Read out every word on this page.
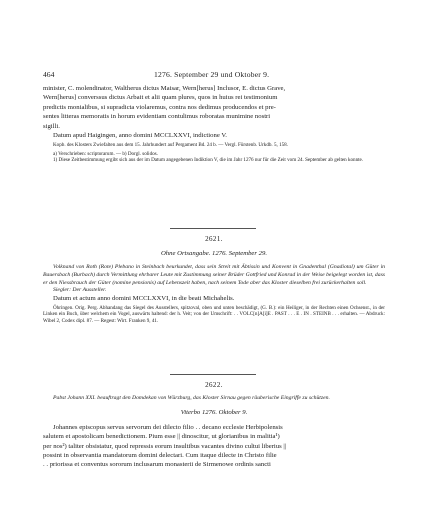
464	1276. September 29 und Oktober 9.

minister, C. molendinator, Waltherus dictus Maisar, Wern[herus] Inclusor, E. dictus Grave,

Wern[herus] converssus dictus Arbait et alii quam plures, quos in huius rei testimonium

predictis monialibus, si supradicta violaremus, contra nos dedimus producendos et pre-

sentes litteras memoratis in horum evidentiam contulimus roboratas munimine nostri

sigilli.

Datum apud Haigingen, anno domini MCCLXXVI, indictione V.

Kopb. des Klosters Zwiefalten aus dem 15. Jahrhundert auf Pergament Bd. 24 b. — Vergl. Fürstenb. Urkdb. 5, 158.

a) Verschrieben: scriptorarum. — b) Dorgl. solidos.

1) Diese Zeitbestimmung ergibt sich aus der im Datum angegebenen Indiktion V, die im Jahr 1276 nur für die Zeit vom 24. September ab gelten konnte.

2621.

Ohne Ortsangabe. 1276. September 29.

Volknand von Roth (Rote) Plebano in Steinbach beurkundet, dass sein Streit mit Äbtissin und Konvent in Gnadenthal (Gnadiotal) um Güter in Bauersbach (Burbach) durch Vermittlung ehrbarer Leute mit Zustimmung seiner Brüder Gottfried und Konrad in der Weise beigelegt worden ist, dass er den Niessbrauch der Güter (nomine pensionis) auf Lebenszeit haben, nach seinem Tode aber das Kloster dieselben frei zurückerhalten soll.

Siegler: Der Aussteller.

Datum et actum anno domini MCCLXXVI, in die beati Michahelis.

Öhringen. Orig. Perg. Abhandang das Siegel des Ausstellers, spitzoval, oben und unten beschädigt, (G. B.): ein Heiliger, in der Rechten einen Ochsenst., in der Linken ein Buch, über welchem ein Vogel, auswärts haltend: der h. Veit; von der Umschrift: . . VOLC[n]A[i]E . PAST . . . E . IN . STEINB . . . erhalten. — Abdruck: Wibel 2, Codex dipl. 87. — Regest: Wirt. Franken 9, 41.

2622.

Pabst Johann XXI. beauftragt den Domdekan von Würzburg, das Kloster Sirnau gegen räuberische Eingriffe zu schützen.

Viterbo 1276. Oktober 9.

Johannes episcopus servus servorum dei dilecto filio . . decano ecclesie Herbipolensis

salutem et apostolicam benedictionem. Pium esse || dinoscitur, ut glorianibus in malitia¹)

per nos²) taliter obsistatur, quod repressis eorum insultibus vacantes divino cultui liberius ||

possint in observantia mandatorum domini delectari. Cum itaque dilecte in Christo filie

. . priorissa et conventus sororum inclusarum monasterii de Sirmenowe ordinis sancti
